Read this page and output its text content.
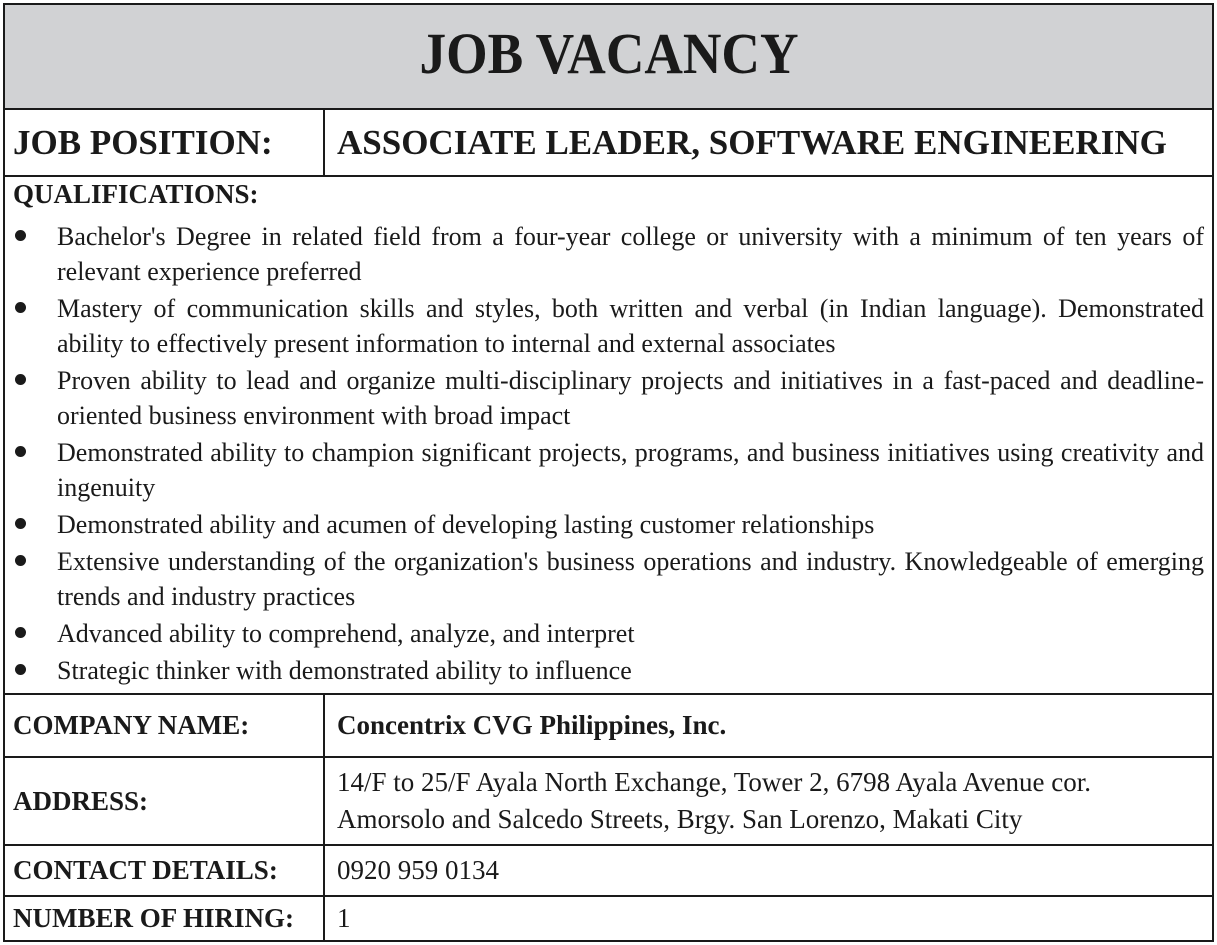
JOB VACANCY
JOB POSITION:	ASSOCIATE LEADER, SOFTWARE ENGINEERING
QUALIFICATIONS:
Bachelor's Degree in related field from a four-year college or university with a minimum of ten years of relevant experience preferred
Mastery of communication skills and styles, both written and verbal (in Indian language). Demonstrated ability to effectively present information to internal and external associates
Proven ability to lead and organize multi-disciplinary projects and initiatives in a fast-paced and deadline-oriented business environment with broad impact
Demonstrated ability to champion significant projects, programs, and business initiatives using creativity and ingenuity
Demonstrated ability and acumen of developing lasting customer relationships
Extensive understanding of the organization's business operations and industry. Knowledgeable of emerging trends and industry practices
Advanced ability to comprehend, analyze, and interpret
Strategic thinker with demonstrated ability to influence
COMPANY NAME:	Concentrix CVG Philippines, Inc.
ADDRESS:
14/F to 25/F Ayala North Exchange, Tower 2, 6798 Ayala Avenue cor. Amorsolo and Salcedo Streets, Brgy. San Lorenzo, Makati City
CONTACT DETAILS:	0920 959 0134
NUMBER OF HIRING:	1
